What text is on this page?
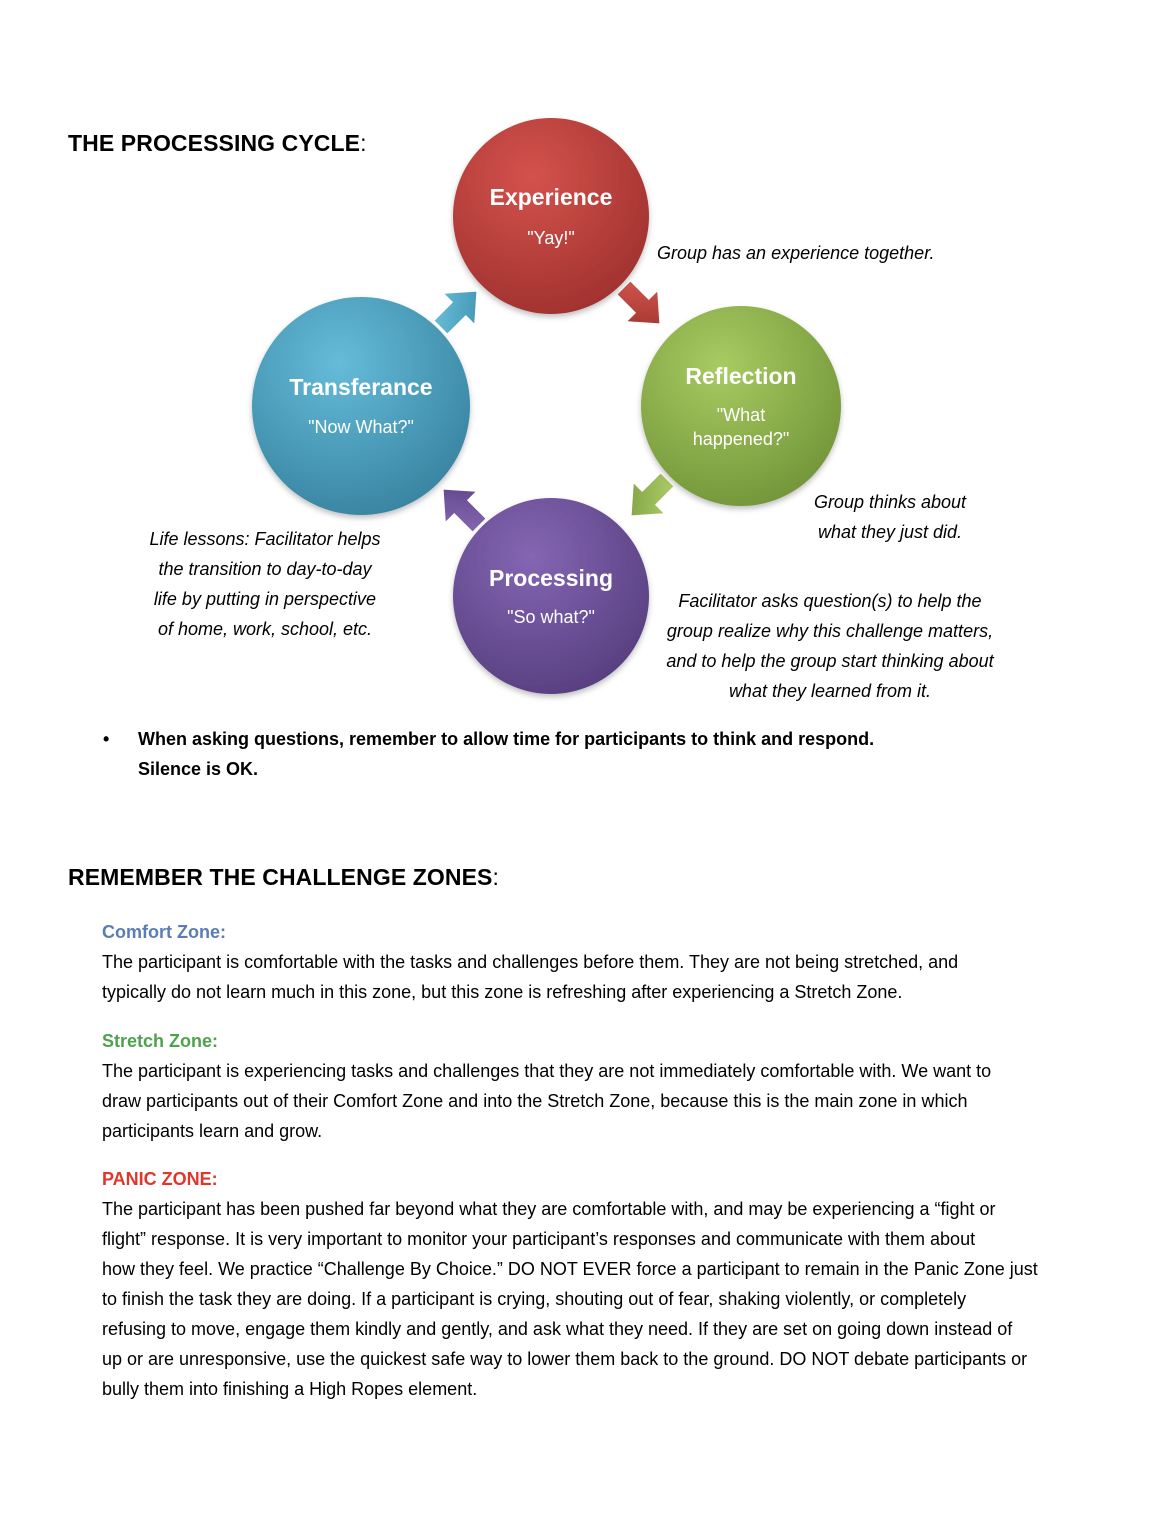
THE PROCESSING CYCLE:
Experience
"Yay!"
Reflection
"What
happened?"
Processing
"So what?"
Transferance
"Now What?"

Group has an experience together.

Group thinks about
what they just did.

Facilitator asks question(s) to help the
group realize why this challenge matters,
and to help the group start thinking about
what they learned from it.

Life lessons: Facilitator helps
the transition to day-to-day
life by putting in perspective
of home, work, school, etc.

• When asking questions, remember to allow time for participants to think and respond.
Silence is OK.
REMEMBER THE CHALLENGE ZONES:

Comfort Zone:

The participant is comfortable with the tasks and challenges before them. They are not being stretched, and
typically do not learn much in this zone, but this zone is refreshing after experiencing a Stretch Zone.

Stretch Zone:

The participant is experiencing tasks and challenges that they are not immediately comfortable with. We want to
draw participants out of their Comfort Zone and into the Stretch Zone, because this is the main zone in which
participants learn and grow.

PANIC ZONE:

The participant has been pushed far beyond what they are comfortable with, and may be experiencing a “fight or
flight” response. It is very important to monitor your participant’s responses and communicate with them about
how they feel. We practice “Challenge By Choice.” DO NOT EVER force a participant to remain in the Panic Zone just
to finish the task they are doing. If a participant is crying, shouting out of fear, shaking violently, or completely
refusing to move, engage them kindly and gently, and ask what they need. If they are set on going down instead of
up or are unresponsive, use the quickest safe way to lower them back to the ground. DO NOT debate participants or
bully them into finishing a High Ropes element.
